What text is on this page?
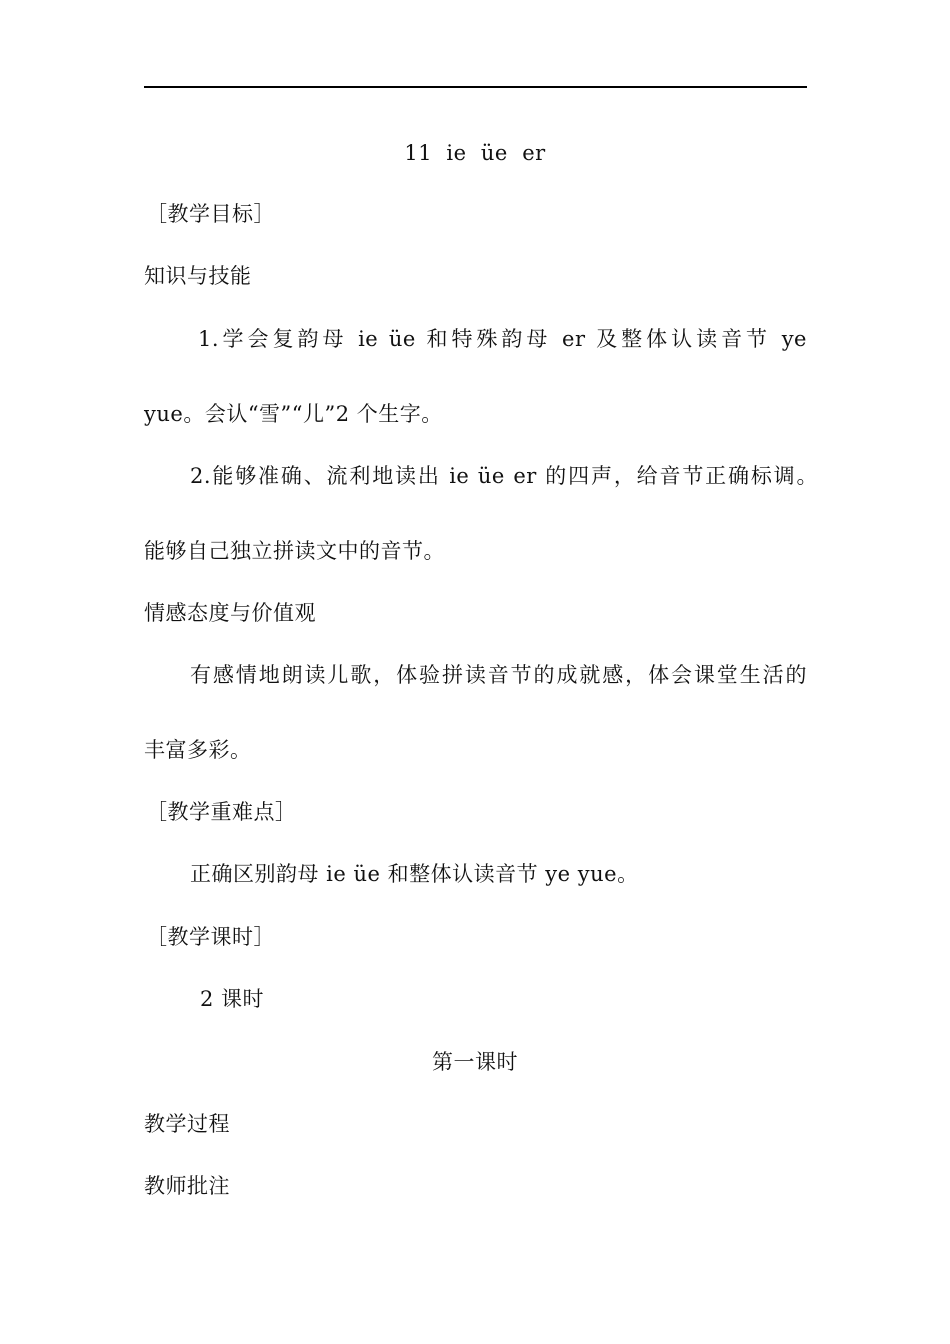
11  ie  üe  er
［教学目标］
知识与技能
1.学会复韵母 ie üe 和特殊韵母 er 及整体认读音节 ye
yue。会认“雪”“儿”2 个生字。
2.能够准确、流利地读出 ie üe er 的四声，给音节正确标调。
能够自己独立拼读文中的音节。
情感态度与价值观
有感情地朗读儿歌，体验拼读音节的成就感，体会课堂生活的
丰富多彩。
［教学重难点］
正确区别韵母 ie üe 和整体认读音节 ye yue。
［教学课时］
2 课时
第一课时
教学过程
教师批注
